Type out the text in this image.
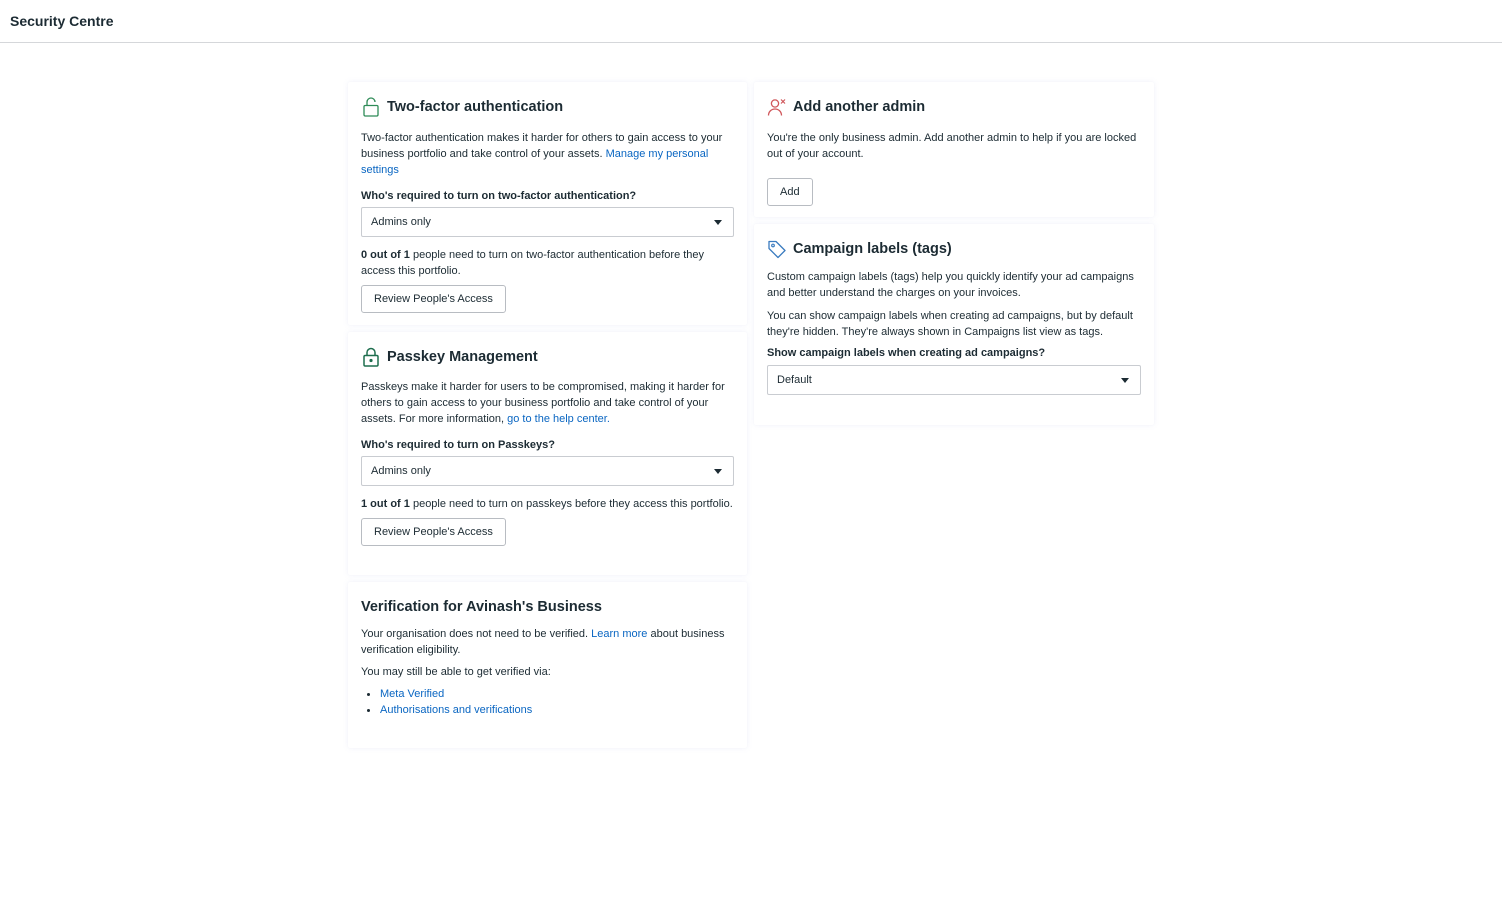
Security Centre
Two-factor authentication

Two-factor authentication makes it harder for others to gain access to your business portfolio and take control of your assets. Manage my personal settings

Who's required to turn on two-factor authentication?
Admins only

0 out of 1 people need to turn on two-factor authentication before they access this portfolio.

Review People's Access
Passkey Management

Passkeys make it harder for users to be compromised, making it harder for others to gain access to your business portfolio and take control of your assets. For more information, go to the help center.

Who's required to turn on Passkeys?
Admins only

1 out of 1 people need to turn on passkeys before they access this portfolio.

Review People's Access
Verification for Avinash's Business

Your organisation does not need to be verified. Learn more about business verification eligibility.

You may still be able to get verified via:

Meta Verified
Authorisations and verifications
Add another admin

You're the only business admin. Add another admin to help if you are locked out of your account.

Add
Campaign labels (tags)

Custom campaign labels (tags) help you quickly identify your ad campaigns and better understand the charges on your invoices.

You can show campaign labels when creating ad campaigns, but by default they're hidden. They're always shown in Campaigns list view as tags.

Show campaign labels when creating ad campaigns?
Default
